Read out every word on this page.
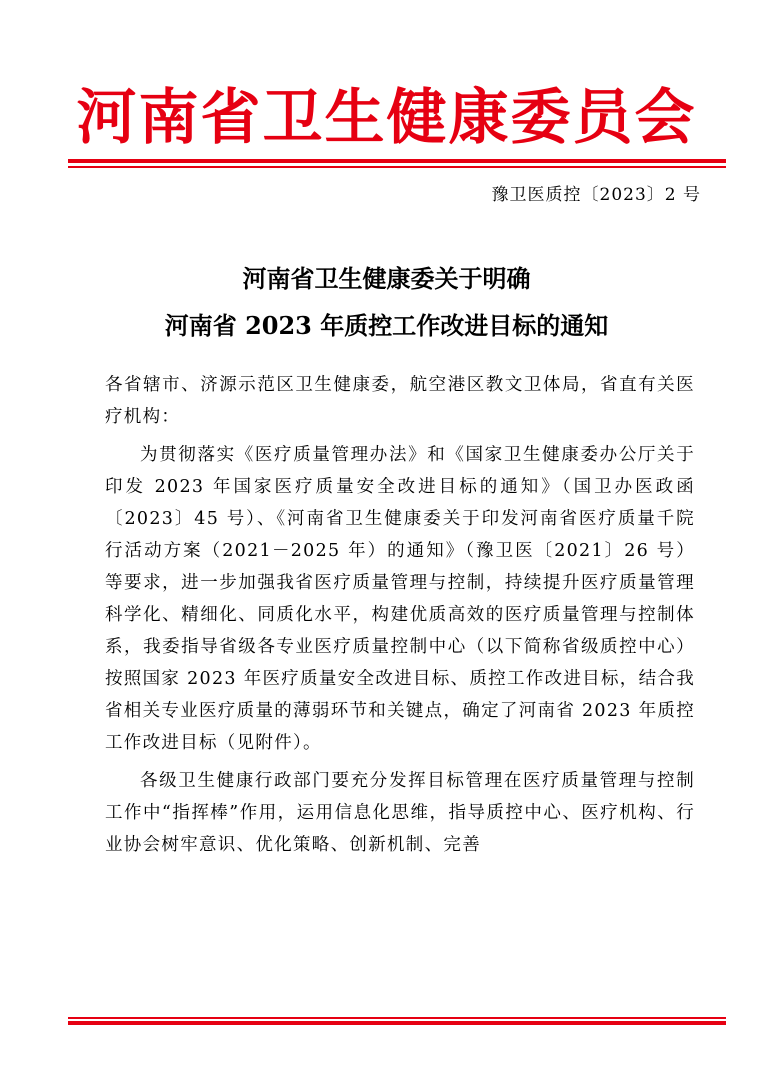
河南省卫生健康委员会
豫卫医质控〔2023〕2 号
河南省卫生健康委关于明确
河南省 2023 年质控工作改进目标的通知

各省辖市、济源示范区卫生健康委，航空港区教文卫体局，省直有关医疗机构：

为贯彻落实《医疗质量管理办法》和《国家卫生健康委办公厅关于印发 2023 年国家医疗质量安全改进目标的通知》（国卫办医政函〔2023〕45 号）、《河南省卫生健康委关于印发河南省医疗质量千院行活动方案（2021－2025 年）的通知》（豫卫医〔2021〕26 号）等要求，进一步加强我省医疗质量管理与控制，持续提升医疗质量管理科学化、精细化、同质化水平，构建优质高效的医疗质量管理与控制体系，我委指导省级各专业医疗质量控制中心（以下简称省级质控中心）按照国家 2023 年医疗质量安全改进目标、质控工作改进目标，结合我省相关专业医疗质量的薄弱环节和关键点，确定了河南省 2023 年质控工作改进目标（见附件）。

各级卫生健康行政部门要充分发挥目标管理在医疗质量管理与控制工作中“指挥棒”作用，运用信息化思维，指导质控中心、医疗机构、行业协会树牢意识、优化策略、创新机制、完善
